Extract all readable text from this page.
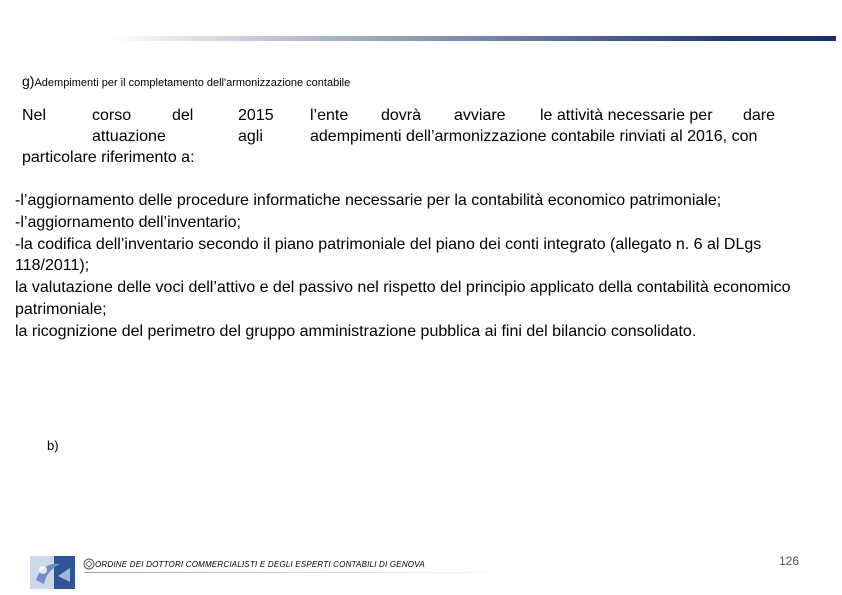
g)Adempimenti per il completamento dell'armonizzazione contabile
Nel	corso	del
attuazione
particolare riferimento a:
2015
agli
l’ente dovrà avviare le attività necessarie per dare
adempimenti dell’armonizzazione contabile rinviati al 2016, con

-l’aggiornamento delle procedure informatiche necessarie per la contabilità economico patrimoniale;

-l’aggiornamento dell’inventario;

-la codifica dell’inventario secondo il piano patrimoniale del piano dei conti integrato (allegato n. 6 al DLgs 118/2011);

la valutazione delle voci dell’attivo e del passivo nel rispetto del principio applicato della contabilità economico patrimoniale;

la ricognizione del perimetro del gruppo amministrazione pubblica ai fini del bilancio consolidato.

b)
ORDINE DEI DOTTORI COMMERCIALISTI E DEGLI ESPERTI CONTABILI DI GENOVA	126
